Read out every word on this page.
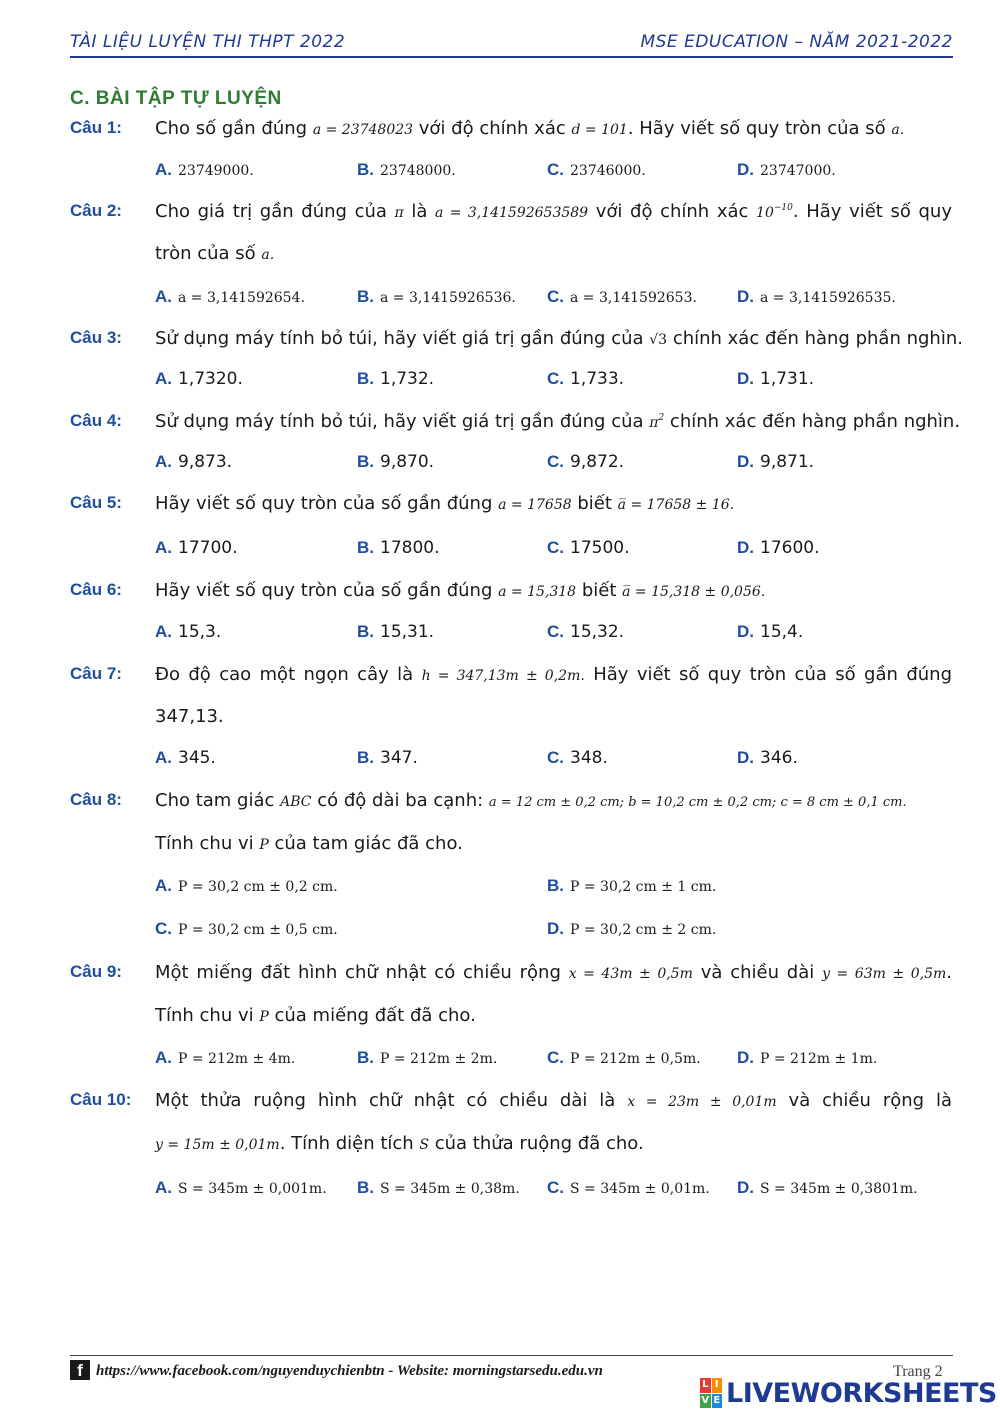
TÀI LIỆU LUYỆN THI THPT 2022	MSE EDUCATION – NĂM 2021-2022
C. BÀI TẬP TỰ LUYỆN
Câu 1: Cho số gần đúng a = 23748023 với độ chính xác d = 101. Hãy viết số quy tròn của số a.
A. 23749000.	B. 23748000.	C. 23746000.	D. 23747000.
Câu 2: Cho giá trị gần đúng của π là a = 3,141592653589 với độ chính xác $10^{-10}$. Hãy viết số quy
tròn của số a.
A. a = 3,141592654.	B. a = 3,1415926536. C. a = 3,141592653. D. a = 3,1415926535.
Câu 3: Sử dụng máy tính bỏ túi, hãy viết giá trị gần đúng của √3 chính xác đến hàng phần nghìn.
A. 1,7320.	B. 1,732.	C. 1,733.	D. 1,731.
Câu 4: Sử dụng máy tính bỏ túi, hãy viết giá trị gần đúng của $\pi^2$ chính xác đến hàng phần nghìn.
A. 9,873.	B. 9,870.	C. 9,872.	D. 9,871.
Câu 5: Hãy viết số quy tròn của số gần đúng a = 17658 biết a̅ = 17658 ± 16.
A. 17700.	B. 17800.	C. 17500.	D. 17600.
Câu 6: Hãy viết số quy tròn của số gần đúng a = 15,318 biết a̅ = 15,318 ± 0,056.
A. 15,3.	B. 15,31.	C. 15,32.	D. 15,4.
Câu 7: Đo độ cao một ngọn cây là h = 347,13m ± 0,2m. Hãy viết số quy tròn của số gần đúng
347,13.
A. 345.	B. 347.	C. 348.	D. 346.
Câu 8: Cho tam giác ABC có độ dài ba cạnh: a = 12 cm ± 0,2 cm; b = 10,2 cm ± 0,2 cm; c = 8 cm ± 0,1 cm.
Tính chu vi P của tam giác đã cho.
A. P = 30,2 cm ± 0,2 cm.	B. P = 30,2 cm ± 1 cm.
C. P = 30,2 cm ± 0,5 cm.	D. P = 30,2 cm ± 2 cm.
Câu 9: Một miếng đất hình chữ nhật có chiều rộng x = 43m ± 0,5m và chiều dài y = 63m ± 0,5m.
Tính chu vi P của miếng đất đã cho.
A. P = 212m ± 4m.	B. P = 212m ± 2m.	C. P = 212m ± 0,5m. D. P = 212m ± 1m.
Câu 10: Một thửa ruộng hình chữ nhật có chiều dài là x = 23m ± 0,01m và chiều rộng là
y = 15m ± 0,01m. Tính diện tích S của thửa ruộng đã cho.
A. S = 345m ± 0,001m. B. S = 345m ± 0,38m. C. S = 345m ± 0,01m. D. S = 345m ± 0,3801m.
f https://www.facebook.com/nguyenduychienbtn - Website: morningstarsedu.edu.vn	Trang 2
L I
V E LIVEWORKSHEETS
